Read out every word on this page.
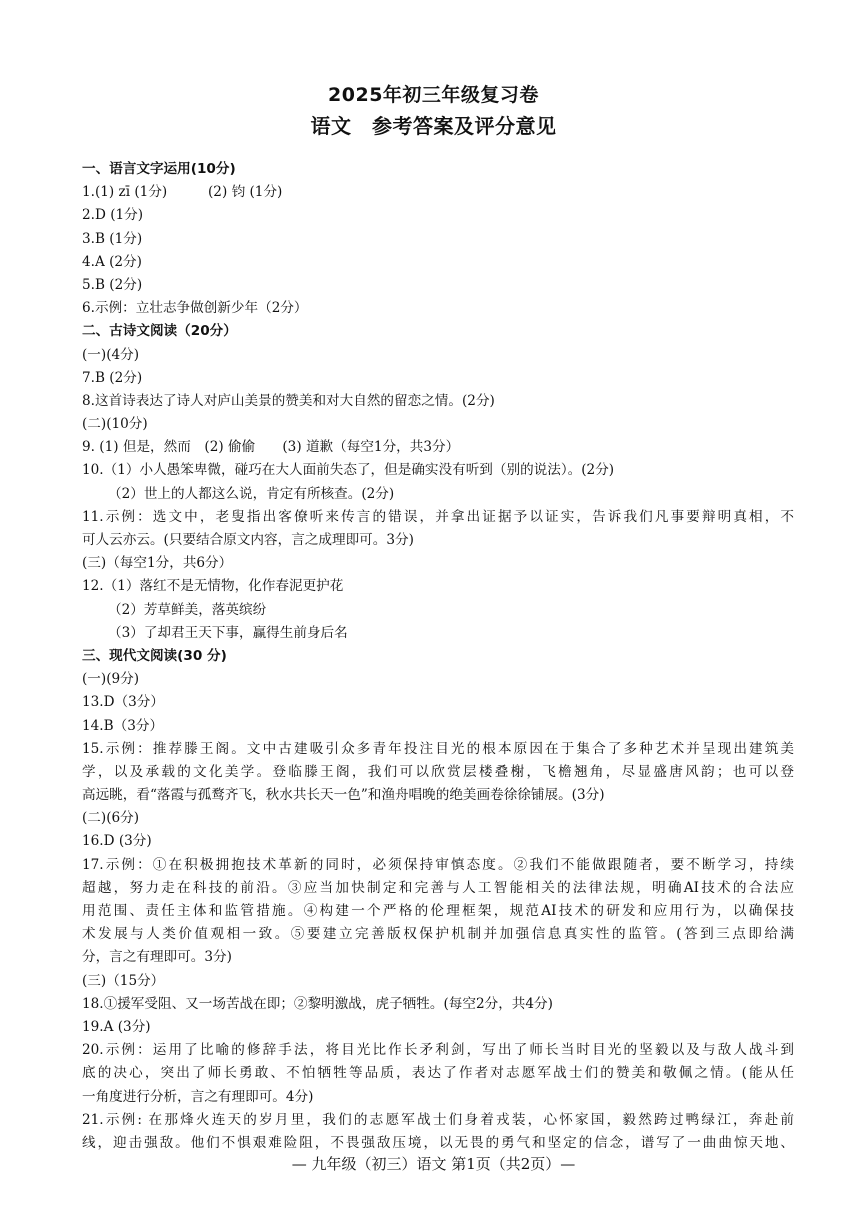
2025年初三年级复习卷
语文　参考答案及评分意见
一、语言文字运用(10分)
1.(1) zī (1分)　　　(2) 钧 (1分)
2.D (1分)
3.B (1分)
4.A (2分)
5.B (2分)
6.示例：立壮志争做创新少年（2分）
二、古诗文阅读（20分）
(一)(4分)
7.B (2分)
8.这首诗表达了诗人对庐山美景的赞美和对大自然的留恋之情。(2分)
(二)(10分)
9. (1) 但是，然而　(2) 偷偷　　(3) 道歉（每空1分，共3分）
10.（1）小人愚笨卑微，碰巧在大人面前失态了，但是确实没有听到（别的说法）。(2分)
（2）世上的人都这么说，肯定有所核查。(2分)
11.示例：选文中，老叟指出客僚听来传言的错误，并拿出证据予以证实，告诉我们凡事要辩明真相，不
可人云亦云。(只要结合原文内容，言之成理即可。3分)
(三)（每空1分，共6分）
12.（1）落红不是无情物，化作春泥更护花
（2）芳草鲜美，落英缤纷
（3）了却君王天下事，赢得生前身后名
三、现代文阅读(30 分)
(一)(9分)
13.D（3分）
14.B（3分）
15.示例：推荐滕王阁。文中古建吸引众多青年投注目光的根本原因在于集合了多种艺术并呈现出建筑美
学，以及承载的文化美学。登临滕王阁，我们可以欣赏层楼叠榭，飞檐翘角，尽显盛唐风韵；也可以登
高远眺，看“落霞与孤鹜齐飞，秋水共长天一色”和渔舟唱晚的绝美画卷徐徐铺展。(3分)
(二)(6分)
16.D (3分)
17.示例：①在积极拥抱技术革新的同时，必须保持审慎态度。②我们不能做跟随者，要不断学习，持续
超越，努力走在科技的前沿。③应当加快制定和完善与人工智能相关的法律法规，明确AI技术的合法应
用范围、责任主体和监管措施。④构建一个严格的伦理框架，规范AI技术的研发和应用行为，以确保技
术发展与人类价值观相一致。⑤要建立完善版权保护机制并加强信息真实性的监管。(答到三点即给满
分，言之有理即可。3分)
(三)（15分）
18.①援军受阻、又一场苦战在即；②黎明激战，虎子牺牲。(每空2分，共4分)
19.A (3分)
20.示例：运用了比喻的修辞手法，将目光比作长矛利剑，写出了师长当时目光的坚毅以及与敌人战斗到
底的决心，突出了师长勇敢、不怕牺牲等品质，表达了作者对志愿军战士们的赞美和敬佩之情。(能从任
一角度进行分析，言之有理即可。4分)
21.示例: 在那烽火连天的岁月里，我们的志愿军战士们身着戎装，心怀家国，毅然跨过鸭绿江，奔赴前
线，迎击强敌。他们不惧艰难险阻，不畏强敌压境，以无畏的勇气和坚定的信念，谱写了一曲曲惊天地、
— 九年级（初三）语文 第1页（共2页）—
